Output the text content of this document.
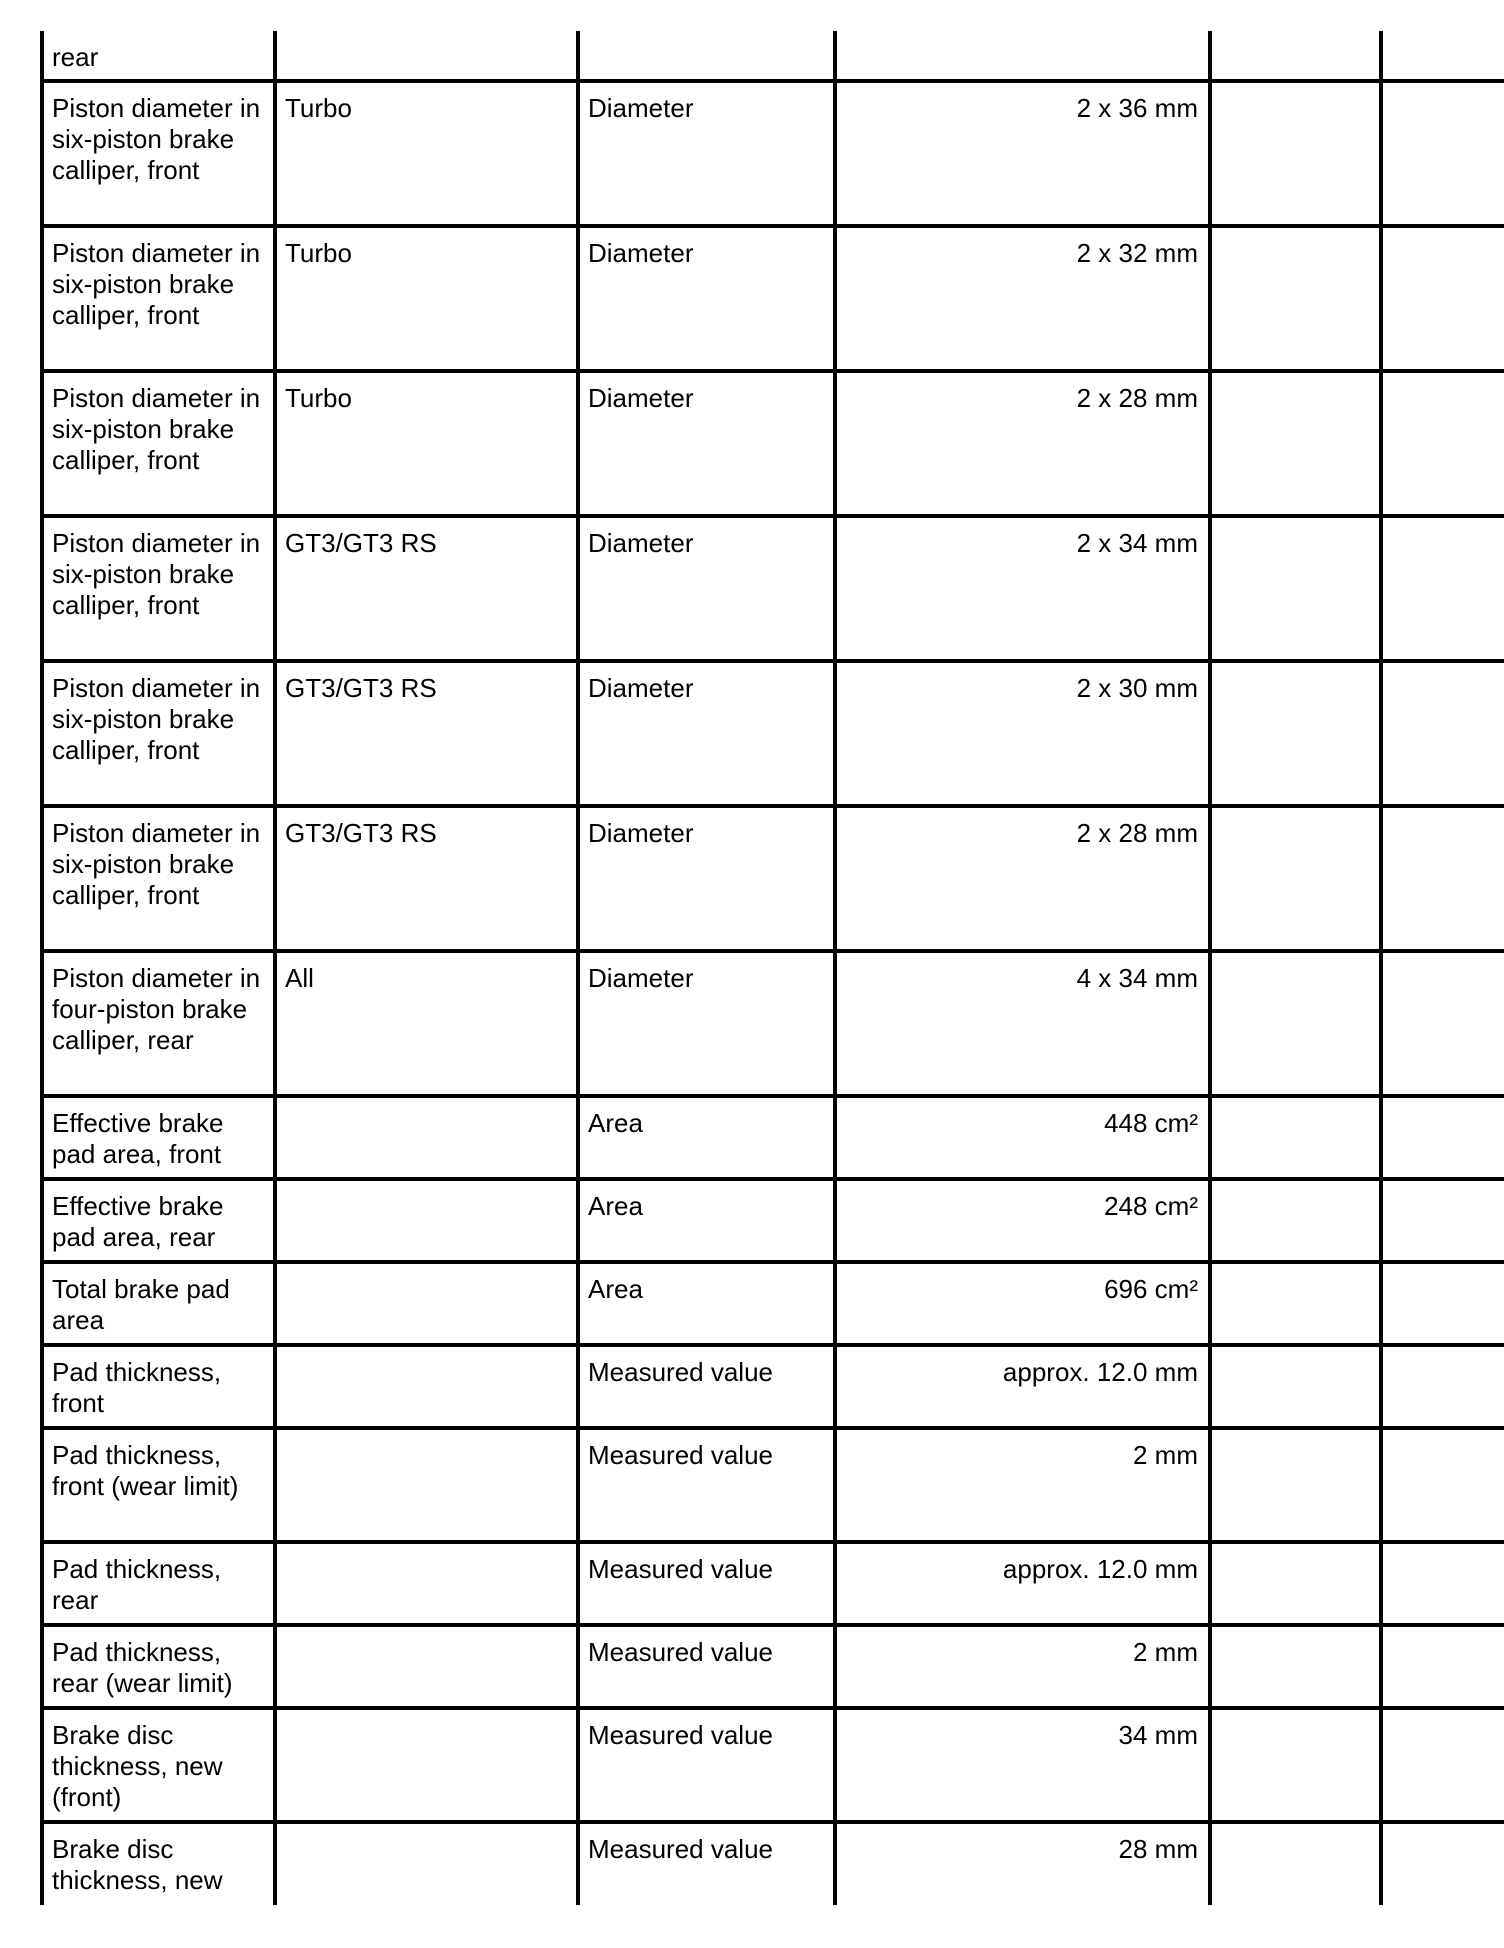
rear					
Piston diameter in six-piston brake calliper, front	Turbo	Diameter	2 x 36 mm		
Piston diameter in six-piston brake calliper, front	Turbo	Diameter	2 x 32 mm		
Piston diameter in six-piston brake calliper, front	Turbo	Diameter	2 x 28 mm		
Piston diameter in six-piston brake calliper, front	GT3/GT3 RS	Diameter	2 x 34 mm		
Piston diameter in six-piston brake calliper, front	GT3/GT3 RS	Diameter	2 x 30 mm		
Piston diameter in six-piston brake calliper, front	GT3/GT3 RS	Diameter	2 x 28 mm		
Piston diameter in four-piston brake calliper, rear	All	Diameter	4 x 34 mm		
Effective brake pad area, front		Area	448 cm²		
Effective brake pad area, rear		Area	248 cm²		
Total brake pad area		Area	696 cm²		
Pad thickness, front		Measured value	approx. 12.0 mm		
Pad thickness, front (wear limit)		Measured value	2 mm		
Pad thickness, rear		Measured value	approx. 12.0 mm		
Pad thickness, rear (wear limit)		Measured value	2 mm		
Brake disc thickness, new (front)		Measured value	34 mm		
Brake disc thickness, new		Measured value	28 mm		
